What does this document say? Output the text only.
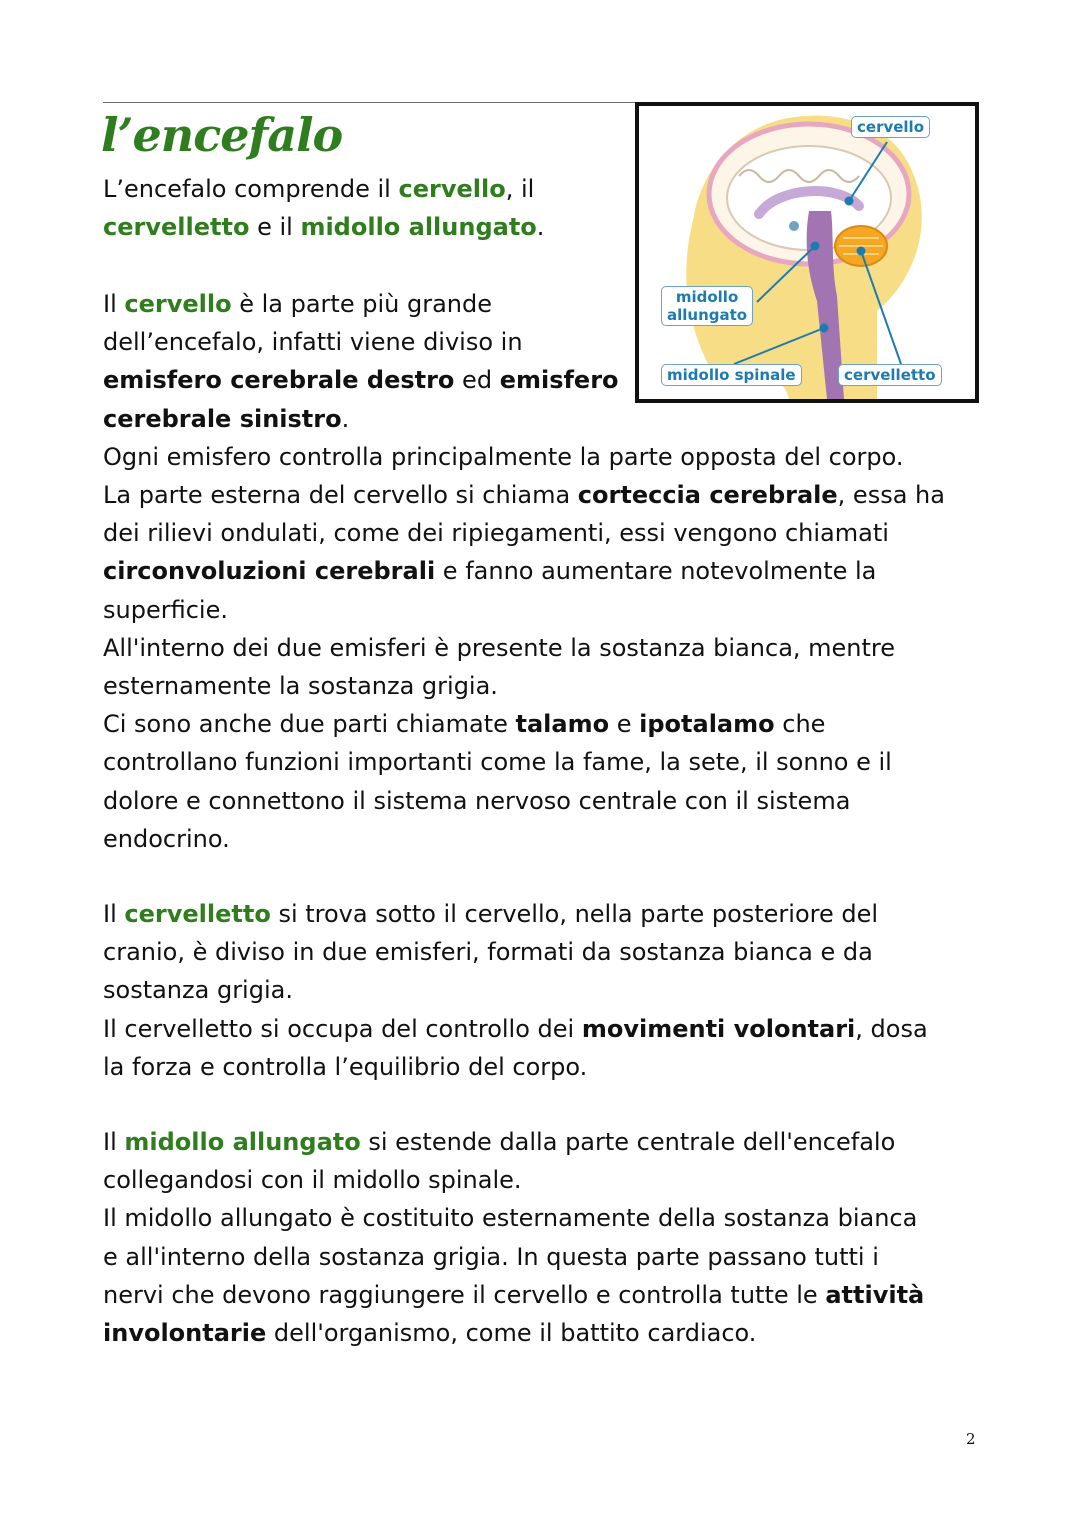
l’encefalo	cervello
midollo
allungato
midollo spinale	cervelletto
L’encefalo comprende il cervello, il
cervelletto e il midollo allungato.
Il cervello è la parte più grande
dell’encefalo, infatti viene diviso in
emisfero cerebrale destro ed emisfero
cerebrale sinistro.
Ogni emisfero controlla principalmente la parte opposta del corpo.
La parte esterna del cervello si chiama corteccia cerebrale, essa ha
dei rilievi ondulati, come dei ripiegamenti, essi vengono chiamati
circonvoluzioni cerebrali e fanno aumentare notevolmente la
superficie.
All'interno dei due emisferi è presente la sostanza bianca, mentre
esternamente la sostanza grigia.
Ci sono anche due parti chiamate talamo e ipotalamo che
controllano funzioni importanti come la fame, la sete, il sonno e il
dolore e connettono il sistema nervoso centrale con il sistema
endocrino.
Il cervelletto si trova sotto il cervello, nella parte posteriore del
cranio, è diviso in due emisferi, formati da sostanza bianca e da
sostanza grigia.
Il cervelletto si occupa del controllo dei movimenti volontari, dosa
la forza e controlla l’equilibrio del corpo.
Il midollo allungato si estende dalla parte centrale dell'encefalo
collegandosi con il midollo spinale.
Il midollo allungato è costituito esternamente della sostanza bianca
e all'interno della sostanza grigia. In questa parte passano tutti i
nervi che devono raggiungere il cervello e controlla tutte le attività
involontarie dell'organismo, come il battito cardiaco.
2
